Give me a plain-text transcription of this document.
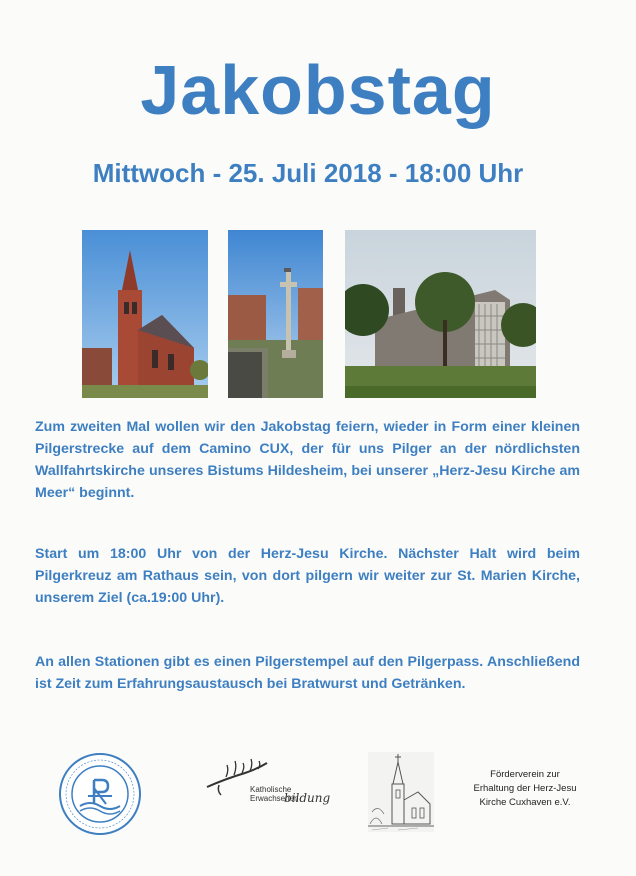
Jakobstag
Mittwoch - 25. Juli 2018 - 18:00 Uhr
Zum zweiten Mal wollen wir den Jakobstag feiern, wieder in Form einer kleinen Pilgerstrecke auf dem Camino CUX, der für uns Pilger an der nördlichsten Wallfahrtskirche unseres Bistums Hildesheim, bei unserer „Herz-Jesu Kirche am Meer“ beginnt.
Start um 18:00 Uhr von der Herz-Jesu Kirche. Nächster Halt wird beim Pilgerkreuz am Rathaus sein, von dort pilgern wir weiter zur St. Marien Kirche, unserem Ziel (ca.19:00 Uhr).
An allen Stationen gibt es einen Pilgerstempel auf den Pilgerpass. Anschließend ist Zeit zum Erfahrungsaustausch bei Bratwurst und Getränken.
Katholische
Erwachsenen
bildung
Förderverein zur
Erhaltung der Herz-Jesu
Kirche Cuxhaven e.V.
